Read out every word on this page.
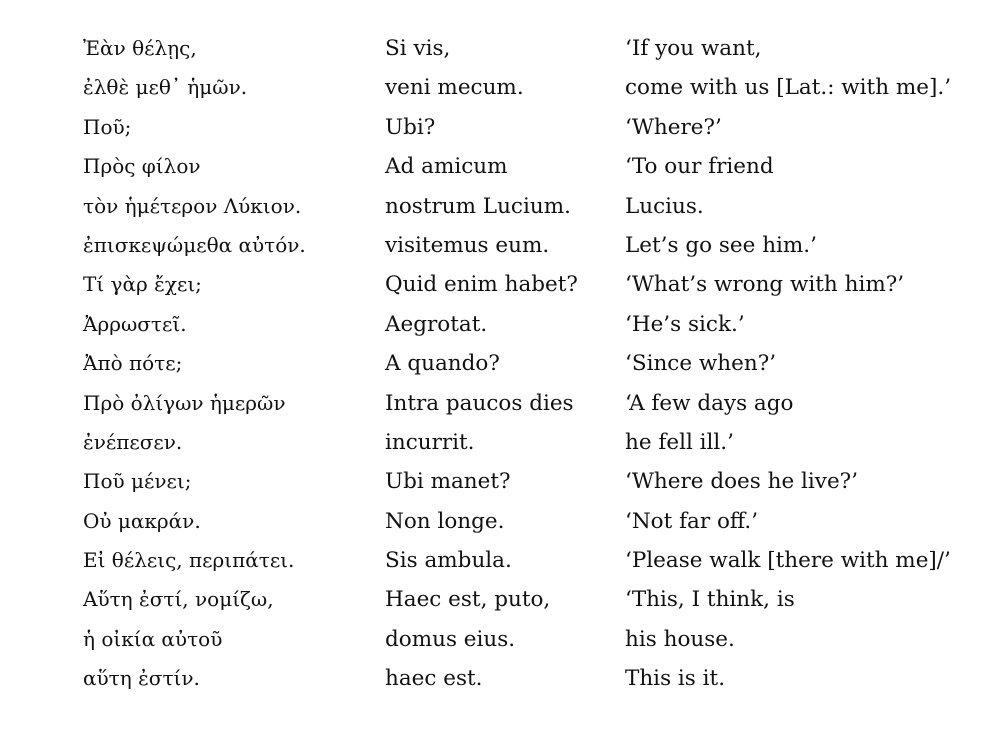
Ἐὰν θέλῃς,
ἐλθὲ μεθ᾽ ἡμῶν.
Ποῦ;
Πρὸς φίλον
τὸν ἡμέτερον Λύκιον.
ἐπισκεψώμεθα αὐτόν.
Τί γὰρ ἔχει;
Ἀρρωστεῖ.
Ἀπὸ πότε;
Πρὸ ὀλίγων ἡμερῶν
ἐνέπεσεν.
Ποῦ μένει;
Οὐ μακράν.
Εἰ θέλεις, περιπάτει.
Αὕτη ἐστί, νομίζω,
ἡ οἰκία αὐτοῦ
αὕτη ἐστίν.
Si vis,
veni mecum.
Ubi?
Ad amicum
nostrum Lucium.
visitemus eum.
Quid enim habet?
Aegrotat.
A quando?
Intra paucos dies
incurrit.
Ubi manet?
Non longe.
Sis ambula.
Haec est, puto,
domus eius.
haec est.
‘If you want,
come with us [Lat.: with me].’
‘Where?’
‘To our friend
Lucius.
Let’s go see him.’
‘What’s wrong with him?’
‘He’s sick.’
‘Since when?’
‘A few days ago
he fell ill.’
‘Where does he live?’
‘Not far off.’
‘Please walk [there with me]/’
‘This, I think, is
his house.
This is it.
